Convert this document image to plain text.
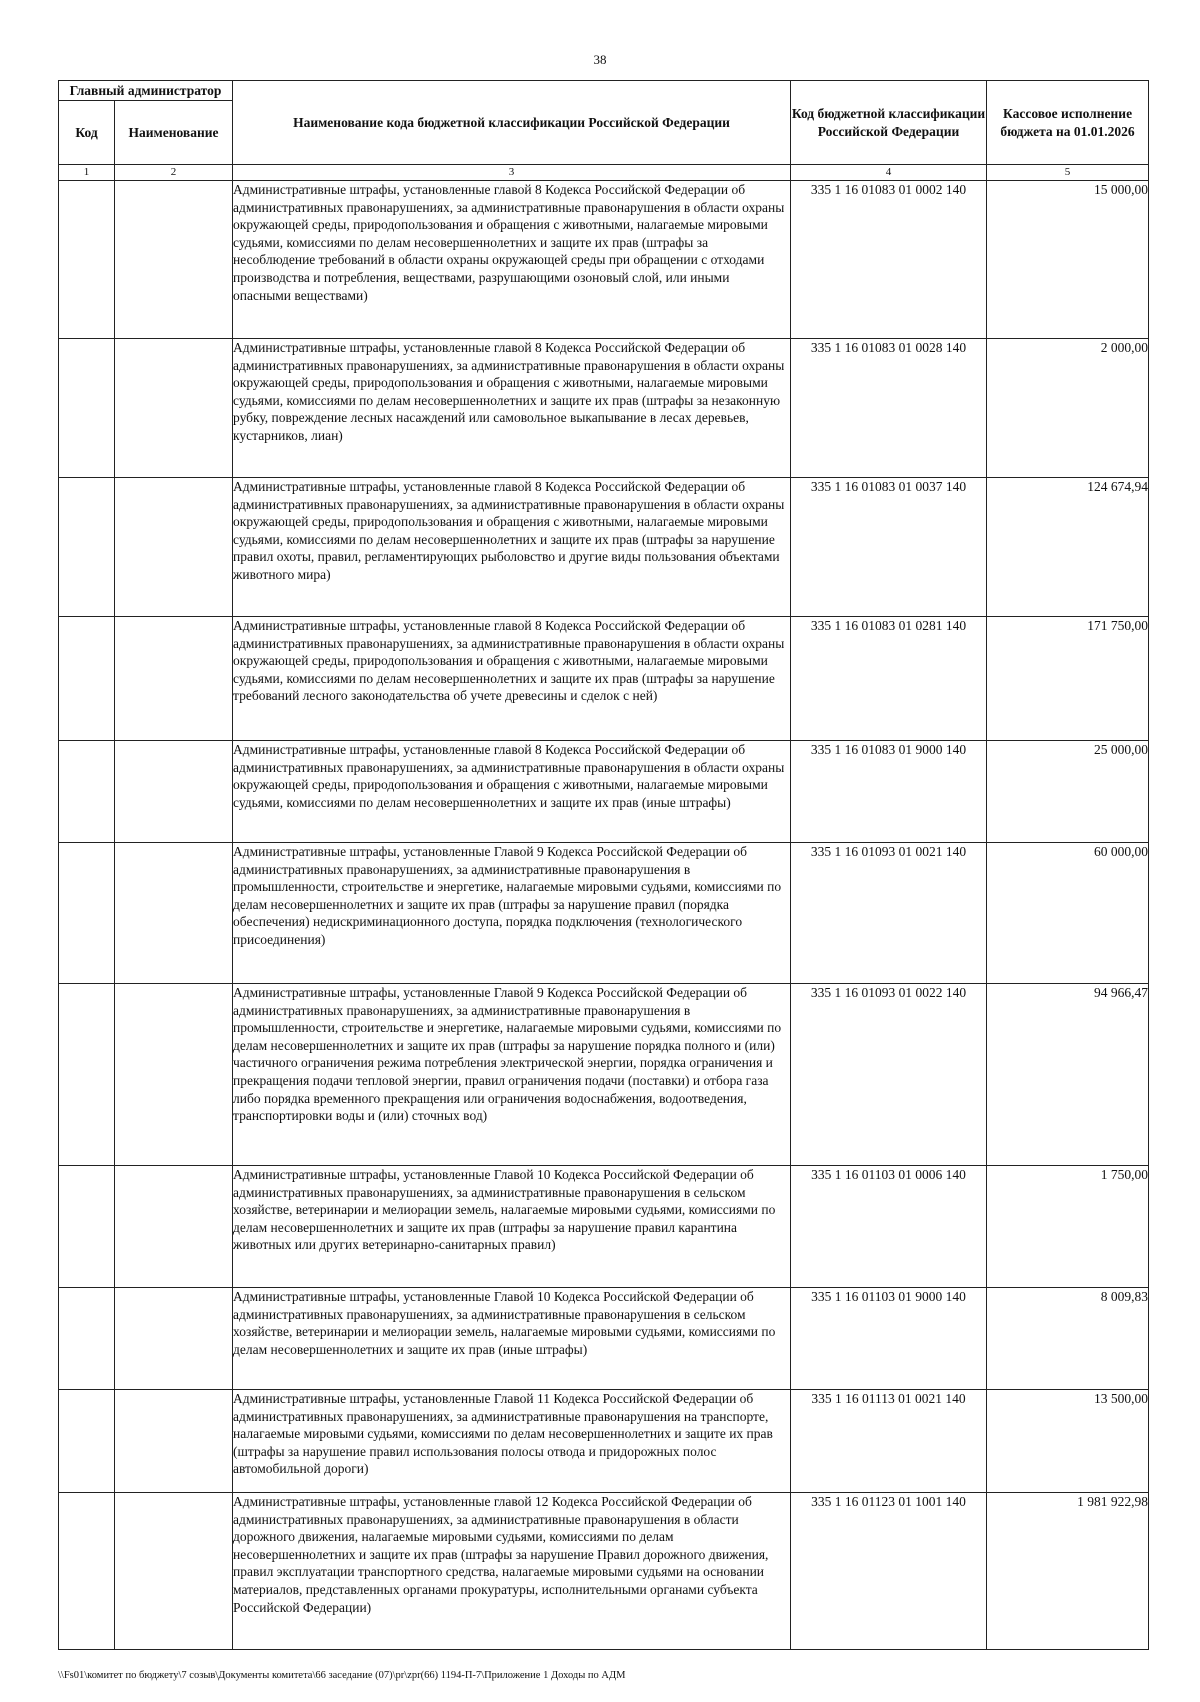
38
Главный администратор		Наименование кода бюджетной классификации Российской Федерации	Код бюджетной классификации Российской Федерации	Кассовое исполнение бюджета на 01.01.2026
Код	Наименование			
1	2	3	4	5
		Административные штрафы, установленные главой 8 Кодекса Российской Федерации об административных правонарушениях, за административные правонарушения в области охраны окружающей среды, природопользования и обращения с животными, налагаемые мировыми судьями, комиссиями по делам несовершеннолетних и защите их прав (штрафы за несоблюдение требований в области охраны окружающей среды при обращении с отходами производства и потребления, веществами, разрушающими озоновый слой, или иными опасными веществами)	335 1 16 01083 01 0002 140	15 000,00
		Административные штрафы, установленные главой 8 Кодекса Российской Федерации об административных правонарушениях, за административные правонарушения в области охраны окружающей среды, природопользования и обращения с животными, налагаемые мировыми судьями, комиссиями по делам несовершеннолетних и защите их прав (штрафы за незаконную рубку, повреждение лесных насаждений или самовольное выкапывание в лесах деревьев, кустарников, лиан)	335 1 16 01083 01 0028 140	2 000,00
		Административные штрафы, установленные главой 8 Кодекса Российской Федерации об административных правонарушениях, за административные правонарушения в области охраны окружающей среды, природопользования и обращения с животными, налагаемые мировыми судьями, комиссиями по делам несовершеннолетних и защите их прав (штрафы за нарушение правил охоты, правил, регламентирующих рыболовство и другие виды пользования объектами животного мира)	335 1 16 01083 01 0037 140	124 674,94
		Административные штрафы, установленные главой 8 Кодекса Российской Федерации об административных правонарушениях, за административные правонарушения в области охраны окружающей среды, природопользования и обращения с животными, налагаемые мировыми судьями, комиссиями по делам несовершеннолетних и защите их прав (штрафы за нарушение требований лесного законодательства об учете древесины и сделок с ней)	335 1 16 01083 01 0281 140	171 750,00
		Административные штрафы, установленные главой 8 Кодекса Российской Федерации об административных правонарушениях, за административные правонарушения в области охраны окружающей среды, природопользования и обращения с животными, налагаемые мировыми судьями, комиссиями по делам несовершеннолетних и защите их прав (иные штрафы)	335 1 16 01083 01 9000 140	25 000,00
		Административные штрафы, установленные Главой 9 Кодекса Российской Федерации об административных правонарушениях, за административные правонарушения в промышленности, строительстве и энергетике, налагаемые мировыми судьями, комиссиями по делам несовершеннолетних и защите их прав (штрафы за нарушение правил (порядка обеспечения) недискриминационного доступа, порядка подключения (технологического присоединения)	335 1 16 01093 01 0021 140	60 000,00
		Административные штрафы, установленные Главой 9 Кодекса Российской Федерации об административных правонарушениях, за административные правонарушения в промышленности, строительстве и энергетике, налагаемые мировыми судьями, комиссиями по делам несовершеннолетних и защите их прав (штрафы за нарушение порядка полного и (или) частичного ограничения режима потребления электрической энергии, порядка ограничения и прекращения подачи тепловой энергии, правил ограничения подачи (поставки) и отбора газа либо порядка временного прекращения или ограничения водоснабжения, водоотведения, транспортировки воды и (или) сточных вод)	335 1 16 01093 01 0022 140	94 966,47
		Административные штрафы, установленные Главой 10 Кодекса Российской Федерации об административных правонарушениях, за административные правонарушения в сельском хозяйстве, ветеринарии и мелиорации земель, налагаемые мировыми судьями, комиссиями по делам несовершеннолетних и защите их прав (штрафы за нарушение правил карантина животных или других ветеринарно-санитарных правил)	335 1 16 01103 01 0006 140	1 750,00
		Административные штрафы, установленные Главой 10 Кодекса Российской Федерации об административных правонарушениях, за административные правонарушения в сельском хозяйстве, ветеринарии и мелиорации земель, налагаемые мировыми судьями, комиссиями по делам несовершеннолетних и защите их прав (иные штрафы)	335 1 16 01103 01 9000 140	8 009,83
		Административные штрафы, установленные Главой 11 Кодекса Российской Федерации об административных правонарушениях, за административные правонарушения на транспорте, налагаемые мировыми судьями, комиссиями по делам несовершеннолетних и защите их прав (штрафы за нарушение правил использования полосы отвода и придорожных полос автомобильной дороги)	335 1 16 01113 01 0021 140	13 500,00
		Административные штрафы, установленные главой 12 Кодекса Российской Федерации об административных правонарушениях, за административные правонарушения в области дорожного движения, налагаемые мировыми судьями, комиссиями по делам несовершеннолетних и защите их прав (штрафы за нарушение Правил дорожного движения, правил эксплуатации транспортного средства, налагаемые мировыми судьями на основании материалов, представленных органами прокуратуры, исполнительными органами субъекта Российской Федерации)	335 1 16 01123 01 1001 140	1 981 922,98
\\Fs01\комитет по бюджету\7 созыв\Документы комитета\66 заседание (07)\pr\zpr(66) 1194-П-7\Приложение 1 Доходы по АДМ
